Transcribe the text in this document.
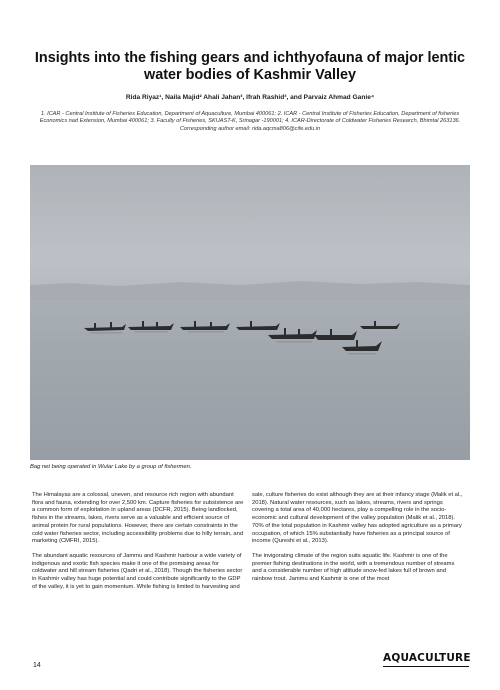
Insights into the fishing gears and ichthyofauna of major lentic water bodies of Kashmir Valley
Rida Riyaz¹, Naila Majid² Ahali Jahan³, Ifrah Rashid³, and Parvaiz Ahmad Ganie⁴
1. ICAR - Central Institute of Fisheries Education, Department of Aquaculture, Mumbai 400061; 2. ICAR - Central Institute of Fisheries Education, Department of fisheries Economics nad Extension, Mumbai 400061; 3. Faculty of Fisheries, SKUAST-K, Srinagar -190001; 4. ICAR-Directorate of Coldwater Fisheries Research, Bhimtal 263136.
Corresponding author email: rida.aqcma806@cife.edu.in
Bag net being operated in Wular Lake by a group of fishermen.

The Himalayas are a colossal, uneven, and resource rich region with abundant flora and fauna, extending for over 2,500 km. Capture fisheries for subsistence are a common form of exploitation in upland areas (DCFR, 2015). Being landlocked, fishes in the streams, lakes, rivers serve as a valuable and efficient source of animal protein for rural populations. However, there are certain constraints in the cold water fisheries sector, including accessibility problems due to hilly terrain, and marketing (CMFRI, 2015).

The abundant aquatic resources of Jammu and Kashmir harbour a wide variety of indigenous and exotic fish species make it one of the promising areas for coldwater and hill stream fisheries (Qadri et al., 2018). Though the fisheries sector in Kashmir valley has huge potential and could contribute significantly to the GDP of the valley, it is yet to gain momentum. While fishing is limited to harvesting and

sale, culture fisheries do exist although they are at their infancy stage (Malik et al., 2018). Natural water resources, such as lakes, streams, rivers and springs covering a total area of 40,000 hectares, play a compelling role in the socio-economic and cultural development of the valley population (Malik et al., 2018). 70% of the total population in Kashmir valley has adopted agriculture as a primary occupation, of which 15% substantially have fisheries as a principal source of income (Qureshi et al., 2013).

The invigorating climate of the region suits aquatic life. Kashmir is one of the premier fishing destinations in the world, with a tremendous number of streams and a considerable number of high altitude snow-fed lakes full of brown and rainbow trout. Jammu and Kashmir is one of the most

14
AQUACULTURE
